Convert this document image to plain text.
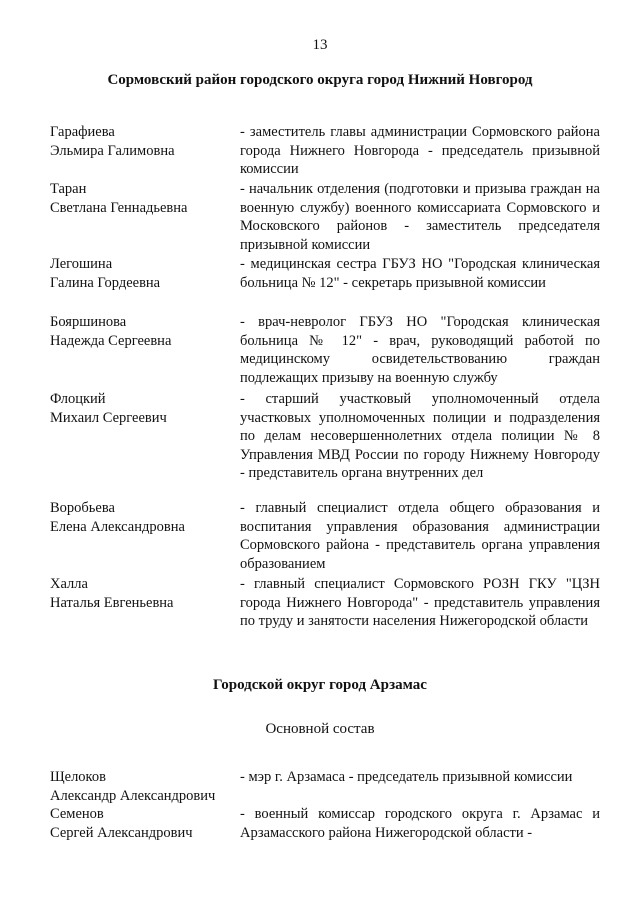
13
Сормовский район городского округа город Нижний Новгород
Гарафиева
Эльмира Галимовна
- заместитель главы администрации Сормовского района города Нижнего Новгорода - председатель призывной комиссии
Таран
Светлана Геннадьевна
- начальник отделения (подготовки и призыва граждан на военную службу) военного комиссариата Сормовского и Московского районов - заместитель председателя призывной комиссии
Легошина
Галина Гордеевна
- медицинская сестра ГБУЗ НО "Городская клиническая больница № 12" - секретарь призывной комиссии
Бояршинова
Надежда Сергеевна
- врач-невролог ГБУЗ НО "Городская клиническая больница № 12" - врач, руководящий работой по медицинскому освидетельствованию граждан подлежащих призыву на военную службу
Флоцкий
Михаил Сергеевич
- старший участковый уполномоченный отдела участковых уполномоченных полиции и подразделения по делам несовершеннолетних отдела полиции № 8 Управления МВД России по городу Нижнему Новгороду - представитель органа внутренних дел
Воробьева
Елена Александровна
- главный специалист отдела общего образования и воспитания управления образования администрации Сормовского района - представитель органа управления образованием
Халла
Наталья Евгеньевна
- главный специалист Сормовского РОЗН ГКУ "ЦЗН города Нижнего Новгорода" - представитель управления по труду и занятости населения Нижегородской области
Городской округ город Арзамас
Основной состав
Щелоков
Александр Александрович
- мэр г. Арзамаса - председатель призывной комиссии
Семенов
Сергей Александрович
- военный комиссар городского округа г. Арзамас и Арзамасского района Нижегородской области -
